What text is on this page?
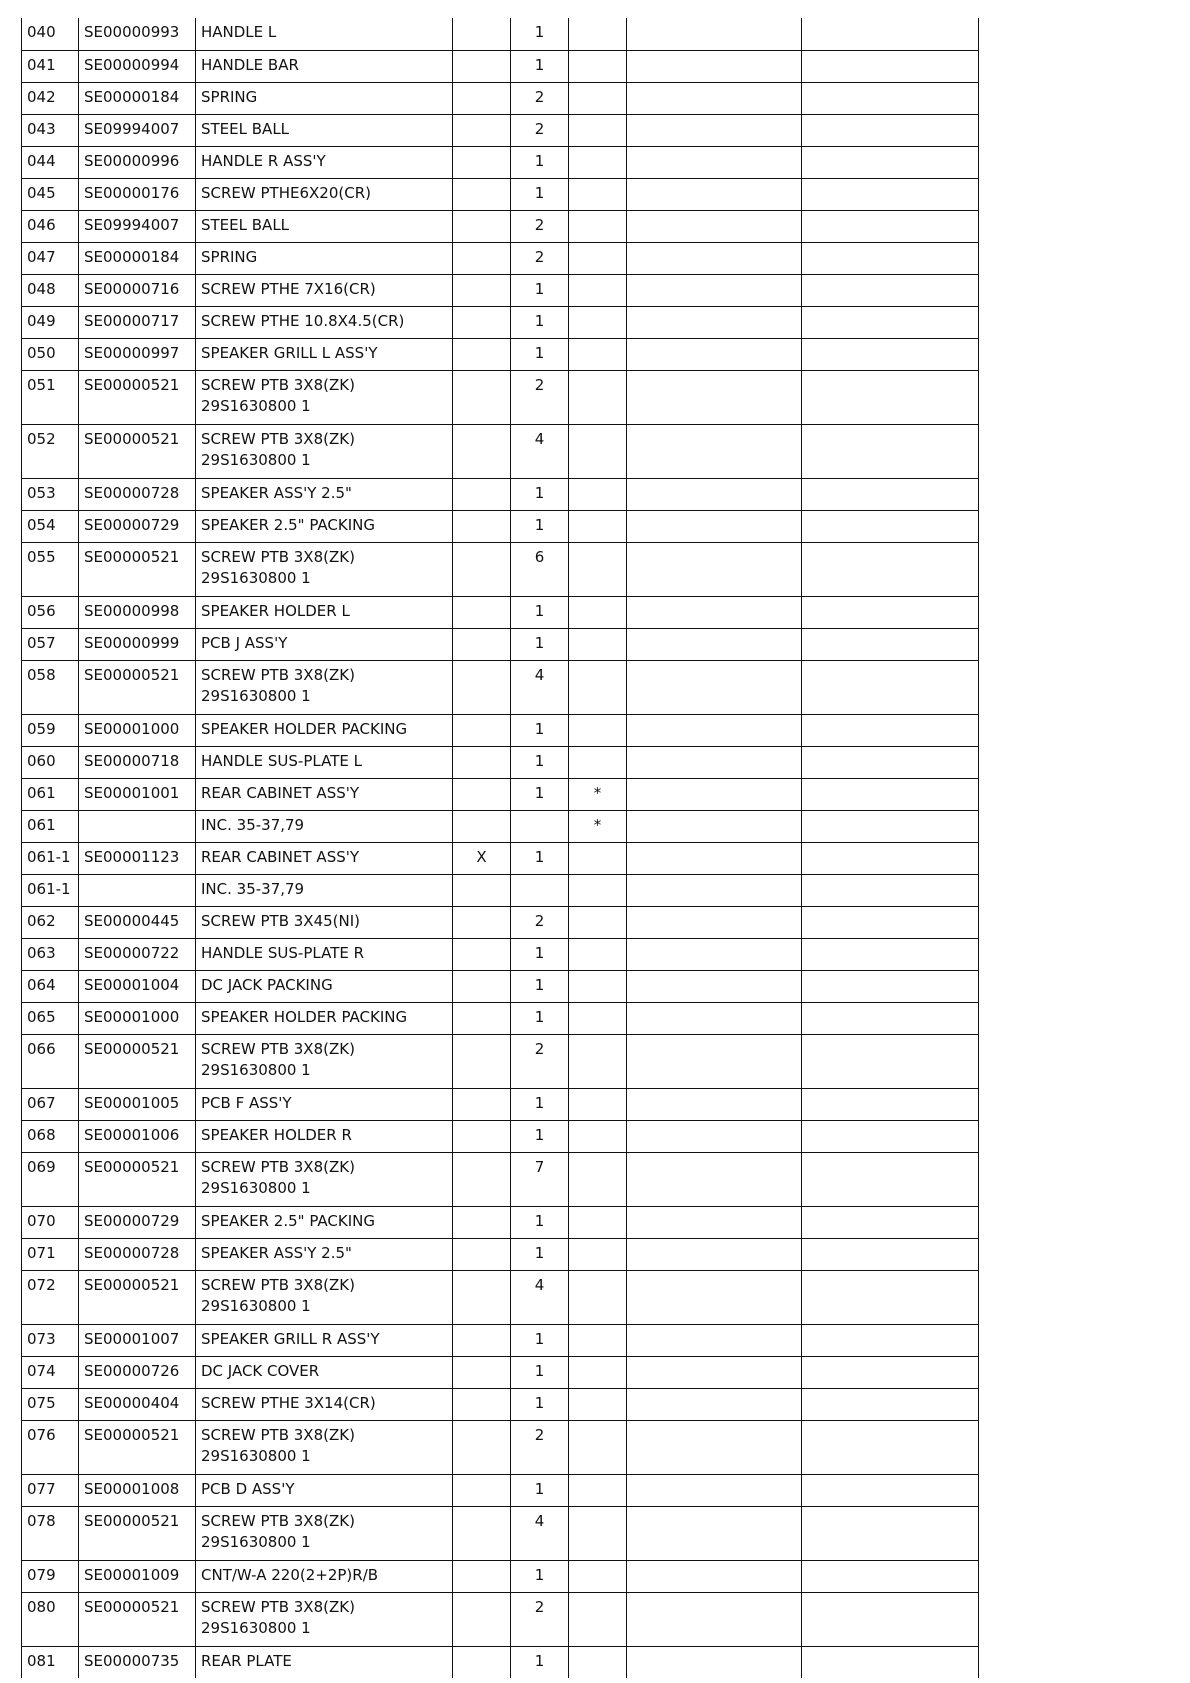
040	SE00000993	HANDLE L		1			
041	SE00000994	HANDLE BAR		1			
042	SE00000184	SPRING		2			
043	SE09994007	STEEL BALL		2			
044	SE00000996	HANDLE R ASS'Y		1			
045	SE00000176	SCREW PTHE6X20(CR)		1			
046	SE09994007	STEEL BALL		2			
047	SE00000184	SPRING		2			
048	SE00000716	SCREW PTHE 7X16(CR)		1			
049	SE00000717	SCREW PTHE 10.8X4.5(CR)		1			
050	SE00000997	SPEAKER GRILL L ASS'Y		1			
051	SE00000521	SCREW PTB 3X8(ZK) 29S1630800 1		2			
052	SE00000521	SCREW PTB 3X8(ZK) 29S1630800 1		4			
053	SE00000728	SPEAKER ASS'Y 2.5"		1			
054	SE00000729	SPEAKER 2.5" PACKING		1			
055	SE00000521	SCREW PTB 3X8(ZK) 29S1630800 1		6			
056	SE00000998	SPEAKER HOLDER L		1			
057	SE00000999	PCB J ASS'Y		1			
058	SE00000521	SCREW PTB 3X8(ZK) 29S1630800 1		4			
059	SE00001000	SPEAKER HOLDER PACKING		1			
060	SE00000718	HANDLE SUS-PLATE L		1			
061	SE00001001	REAR CABINET ASS'Y		1	*		
061		INC. 35-37,79			*		
061-1	SE00001123	REAR CABINET ASS'Y	X	1			
061-1		INC. 35-37,79					
062	SE00000445	SCREW PTB 3X45(NI)		2			
063	SE00000722	HANDLE SUS-PLATE R		1			
064	SE00001004	DC JACK PACKING		1			
065	SE00001000	SPEAKER HOLDER PACKING		1			
066	SE00000521	SCREW PTB 3X8(ZK) 29S1630800 1		2			
067	SE00001005	PCB F ASS'Y		1			
068	SE00001006	SPEAKER HOLDER R		1			
069	SE00000521	SCREW PTB 3X8(ZK) 29S1630800 1		7			
070	SE00000729	SPEAKER 2.5" PACKING		1			
071	SE00000728	SPEAKER ASS'Y 2.5"		1			
072	SE00000521	SCREW PTB 3X8(ZK) 29S1630800 1		4			
073	SE00001007	SPEAKER GRILL R ASS'Y		1			
074	SE00000726	DC JACK COVER		1			
075	SE00000404	SCREW PTHE 3X14(CR)		1			
076	SE00000521	SCREW PTB 3X8(ZK) 29S1630800 1		2			
077	SE00001008	PCB D ASS'Y		1			
078	SE00000521	SCREW PTB 3X8(ZK) 29S1630800 1		4			
079	SE00001009	CNT/W-A 220(2+2P)R/B		1			
080	SE00000521	SCREW PTB 3X8(ZK) 29S1630800 1		2			
081	SE00000735	REAR PLATE		1			
